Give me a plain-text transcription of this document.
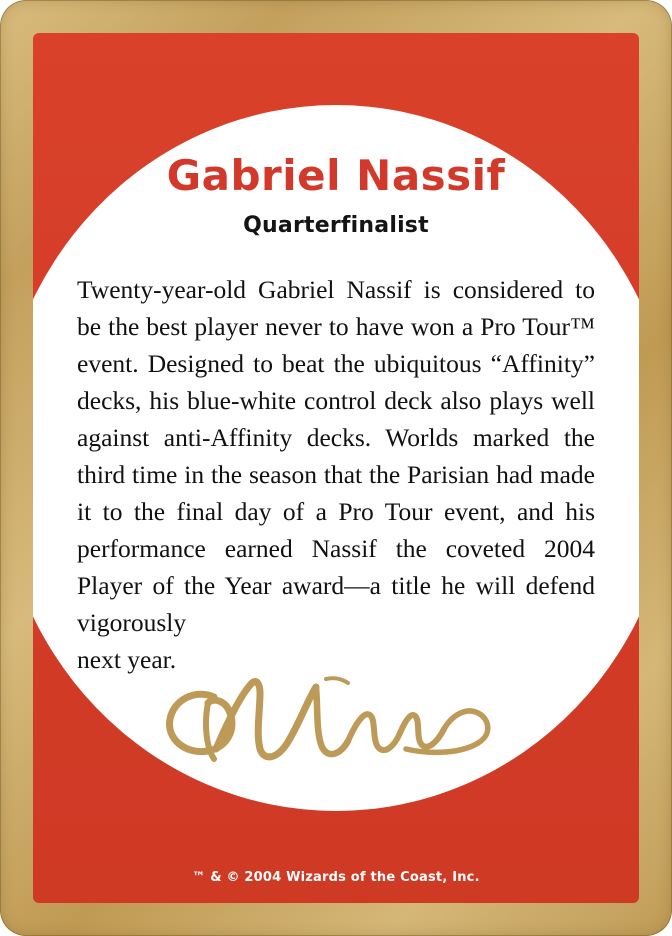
Gabriel Nassif
Quarterfinalist
Twenty-year-old Gabriel Nassif is considered to be the best player never to have won a Pro Tour™ event. Designed to beat the ubiquitous “Affinity” decks, his blue-white control deck also plays well against anti-Affinity decks. Worlds marked the third time in the season that the Parisian had made it to the final day of a Pro Tour event, and his performance earned Nassif the coveted 2004 Player of the Year award—a title he will defend vigorously
next year.
™ & © 2004 Wizards of the Coast, Inc.
